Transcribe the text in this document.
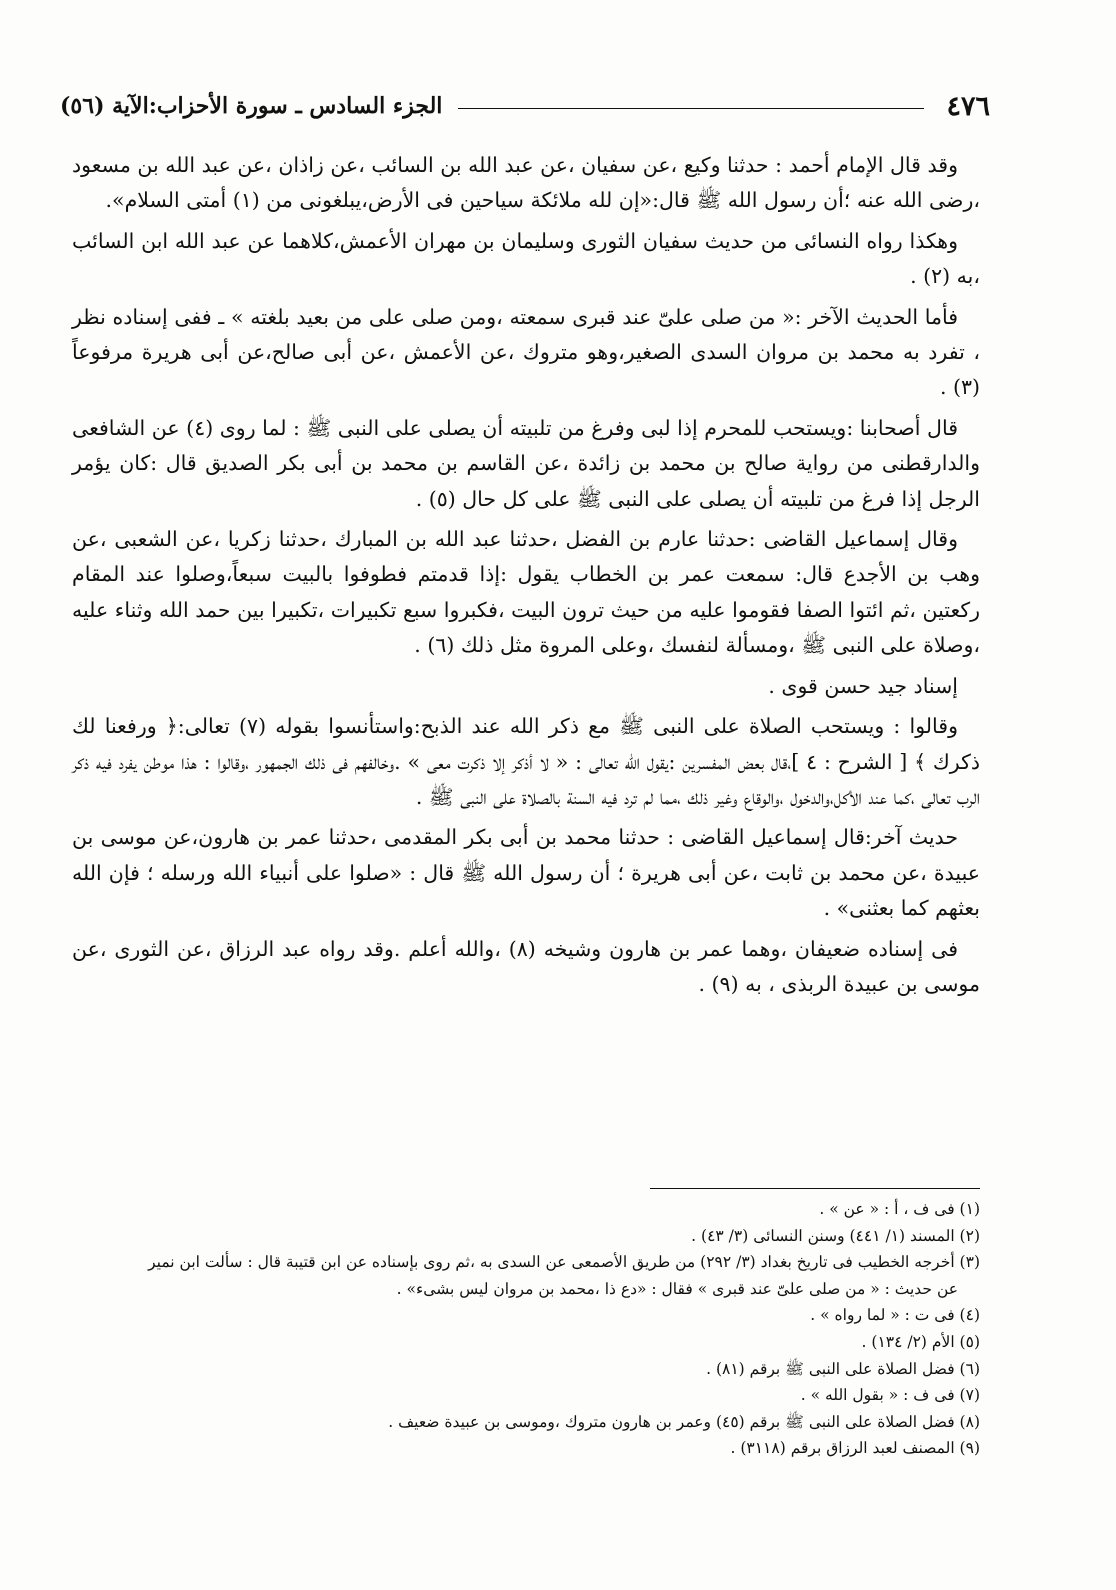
٤٧٦
الجزء السادس ـ سورة الأحزاب:الآية (٥٦)

وقد قال الإمام أحمد : حدثنا وكيع ،عن سفيان ،عن عبد الله بن السائب ،عن زاذان ،عن عبد الله بن مسعود ،رضى الله عنه ؛أن رسول الله ﷺ قال:«إن لله ملائكة سياحين فى الأرض،يبلغونى من (١) أمتى السلام».

وهكذا رواه النسائى من حديث سفيان الثورى وسليمان بن مهران الأعمش،كلاهما عن عبد الله ابن السائب ،به (٢) .

فأما الحديث الآخر :« من صلى علىّ عند قبرى سمعته ،ومن صلى على من بعيد بلغته » ـ ففى إسناده نظر ، تفرد به محمد بن مروان السدى الصغير،وهو متروك ،عن الأعمش ،عن أبى صالح،عن أبى هريرة مرفوعاً (٣) .

قال أصحابنا :ويستحب للمحرم إذا لبى وفرغ من تلبيته أن يصلى على النبى ﷺ : لما روى (٤) عن الشافعى والدارقطنى من رواية صالح بن محمد بن زائدة ،عن القاسم بن محمد بن أبى بكر الصديق قال :كان يؤمر الرجل إذا فرغ من تلبيته أن يصلى على النبى ﷺ على كل حال (٥) .

وقال إسماعيل القاضى :حدثنا عارم بن الفضل ،حدثنا عبد الله بن المبارك ،حدثنا زكريا ،عن الشعبى ،عن وهب بن الأجدع قال: سمعت عمر بن الخطاب يقول :إذا قدمتم فطوفوا بالبيت سبعاً،وصلوا عند المقام ركعتين ،ثم ائتوا الصفا فقوموا عليه من حيث ترون البيت ،فكبروا سبع تكبيرات ،تكبيرا بين حمد الله وثناء عليه ،وصلاة على النبى ﷺ ،ومسألة لنفسك ،وعلى المروة مثل ذلك (٦) .

إسناد جيد حسن قوى .

وقالوا : ويستحب الصلاة على النبى ﷺ مع ذكر الله عند الذبح:واستأنسوا بقوله (٧) تعالى:﴿ ورفعنا لك ذكرك ﴾ [ الشرح : ٤ ]،قال بعض المفسرين :يقول الله تعالى : « لا أذكر إلا ذكرت معى » .وخالفهم فى ذلك الجمهور ،وقالوا : هذا موطن يفرد فيه ذكر الرب تعالى ،كما عند الأكل،والدخول ،والوقاع وغير ذلك ،مما لم ترد فيه السنة بالصلاة على النبى ﷺ .

حديث آخر:قال إسماعيل القاضى : حدثنا محمد بن أبى بكر المقدمى ،حدثنا عمر بن هارون،عن موسى بن عبيدة ،عن محمد بن ثابت ،عن أبى هريرة ؛ أن رسول الله ﷺ قال : «صلوا على أنبياء الله ورسله ؛ فإن الله بعثهم كما بعثنى» .

فى إسناده ضعيفان ،وهما عمر بن هارون وشيخه (٨) ،والله أعلم .وقد رواه عبد الرزاق ،عن الثورى ،عن موسى بن عبيدة الربذى ، به (٩) .

(١) فى ف ، أ : « عن » .

(٢) المسند (١/ ٤٤١) وسنن النسائى (٣/ ٤٣) .

(٣) أخرجه الخطيب فى تاريخ بغداد (٣/ ٢٩٢) من طريق الأصمعى عن السدى به ،ثم روى بإسناده عن ابن قتيبة قال : سألت ابن نمير

عن حديث : « من صلى علىّ عند قبرى » فقال : «دع ذا ،محمد بن مروان ليس بشىء» .

(٤) فى ت : « لما رواه » .

(٥) الأم (٢/ ١٣٤) .

(٦) فضل الصلاة على النبى ﷺ برقم (٨١) .

(٧) فى ف : « بقول الله » .

(٨) فضل الصلاة على النبى ﷺ برقم (٤٥) وعمر بن هارون متروك ،وموسى بن عبيدة ضعيف .

(٩) المصنف لعبد الرزاق برقم (٣١١٨) .
